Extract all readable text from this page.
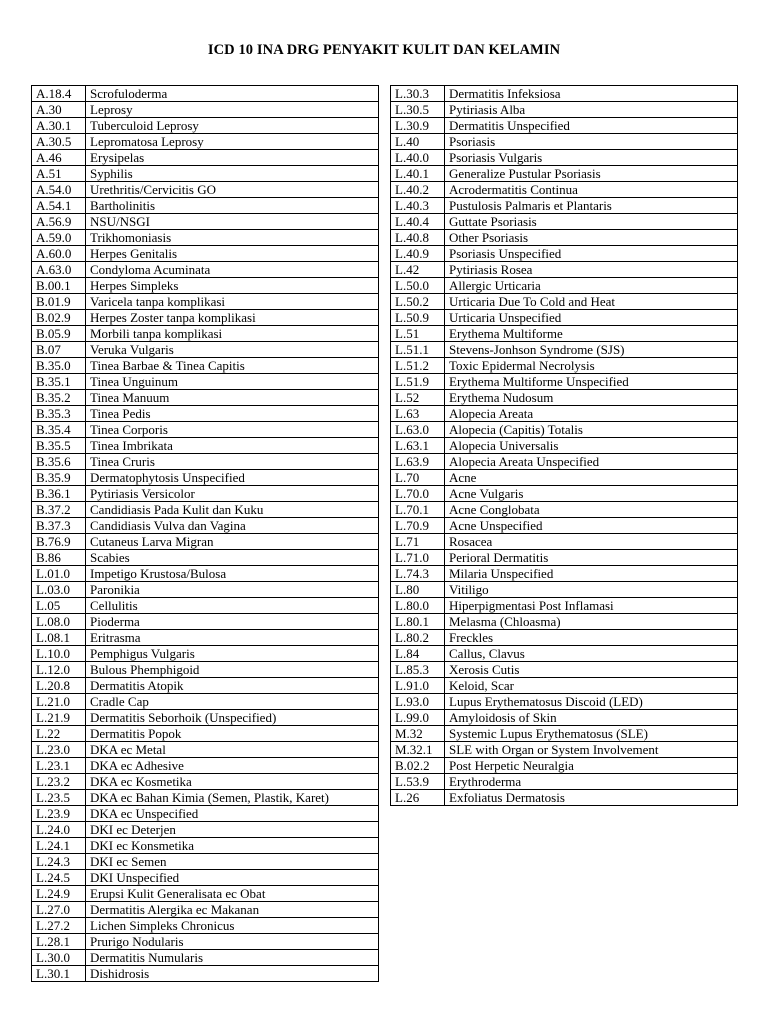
ICD 10 INA DRG PENYAKIT KULIT DAN KELAMIN
A.18.4	Scrofuloderma
A.30	Leprosy
A.30.1	Tuberculoid Leprosy
A.30.5	Lepromatosa Leprosy
A.46	Erysipelas
A.51	Syphilis
A.54.0	Urethritis/Cervicitis GO
A.54.1	Bartholinitis
A.56.9	NSU/NSGI
A.59.0	Trikhomoniasis
A.60.0	Herpes Genitalis
A.63.0	Condyloma Acuminata
B.00.1	Herpes Simpleks
B.01.9	Varicela tanpa komplikasi
B.02.9	Herpes Zoster tanpa komplikasi
B.05.9	Morbili tanpa komplikasi
B.07	Veruka Vulgaris
B.35.0	Tinea Barbae & Tinea Capitis
B.35.1	Tinea Unguinum
B.35.2	Tinea Manuum
B.35.3	Tinea Pedis
B.35.4	Tinea Corporis
B.35.5	Tinea Imbrikata
B.35.6	Tinea Cruris
B.35.9	Dermatophytosis Unspecified
B.36.1	Pytiriasis Versicolor
B.37.2	Candidiasis Pada Kulit dan Kuku
B.37.3	Candidiasis Vulva dan Vagina
B.76.9	Cutaneus Larva Migran
B.86	Scabies
L.01.0	Impetigo Krustosa/Bulosa
L.03.0	Paronikia
L.05	Cellulitis
L.08.0	Pioderma
L.08.1	Eritrasma
L.10.0	Pemphigus Vulgaris
L.12.0	Bulous Phemphigoid
L.20.8	Dermatitis Atopik
L.21.0	Cradle Cap
L.21.9	Dermatitis Seborhoik (Unspecified)
L.22	Dermatitis Popok
L.23.0	DKA ec Metal
L.23.1	DKA ec Adhesive
L.23.2	DKA ec Kosmetika
L.23.5	DKA ec Bahan Kimia (Semen, Plastik, Karet)
L.23.9	DKA ec Unspecified
L.24.0	DKI ec Deterjen
L.24.1	DKI ec Konsmetika
L.24.3	DKI ec Semen
L.24.5	DKI Unspecified
L.24.9	Erupsi Kulit Generalisata ec Obat
L.27.0	Dermatitis Alergika ec Makanan
L.27.2	Lichen Simpleks Chronicus
L.28.1	Prurigo Nodularis
L.30.0	Dermatitis Numularis
L.30.1	Dishidrosis
L.30.3	Dermatitis Infeksiosa
L.30.5	Pytiriasis Alba
L.30.9	Dermatitis Unspecified
L.40	Psoriasis
L.40.0	Psoriasis Vulgaris
L.40.1	Generalize Pustular Psoriasis
L.40.2	Acrodermatitis Continua
L.40.3	Pustulosis Palmaris et Plantaris
L.40.4	Guttate Psoriasis
L.40.8	Other Psoriasis
L.40.9	Psoriasis Unspecified
L.42	Pytiriasis Rosea
L.50.0	Allergic Urticaria
L.50.2	Urticaria Due To Cold and Heat
L.50.9	Urticaria Unspecified
L.51	Erythema Multiforme
L.51.1	Stevens-Jonhson Syndrome (SJS)
L.51.2	Toxic Epidermal Necrolysis
L.51.9	Erythema Multiforme Unspecified
L.52	Erythema Nudosum
L.63	Alopecia Areata
L.63.0	Alopecia (Capitis) Totalis
L.63.1	Alopecia Universalis
L.63.9	Alopecia Areata Unspecified
L.70	Acne
L.70.0	Acne Vulgaris
L.70.1	Acne Conglobata
L.70.9	Acne Unspecified
L.71	Rosacea
L.71.0	Perioral Dermatitis
L.74.3	Milaria Unspecified
L.80	Vitiligo
L.80.0	Hiperpigmentasi Post Inflamasi
L.80.1	Melasma (Chloasma)
L.80.2	Freckles
L.84	Callus, Clavus
L.85.3	Xerosis Cutis
L.91.0	Keloid, Scar
L.93.0	Lupus Erythematosus Discoid (LED)
L.99.0	Amyloidosis of Skin
M.32	Systemic Lupus Erythematosus (SLE)
M.32.1	SLE with Organ or System Involvement
B.02.2	Post Herpetic Neuralgia
L.53.9	Erythroderma
L.26	Exfoliatus Dermatosis
